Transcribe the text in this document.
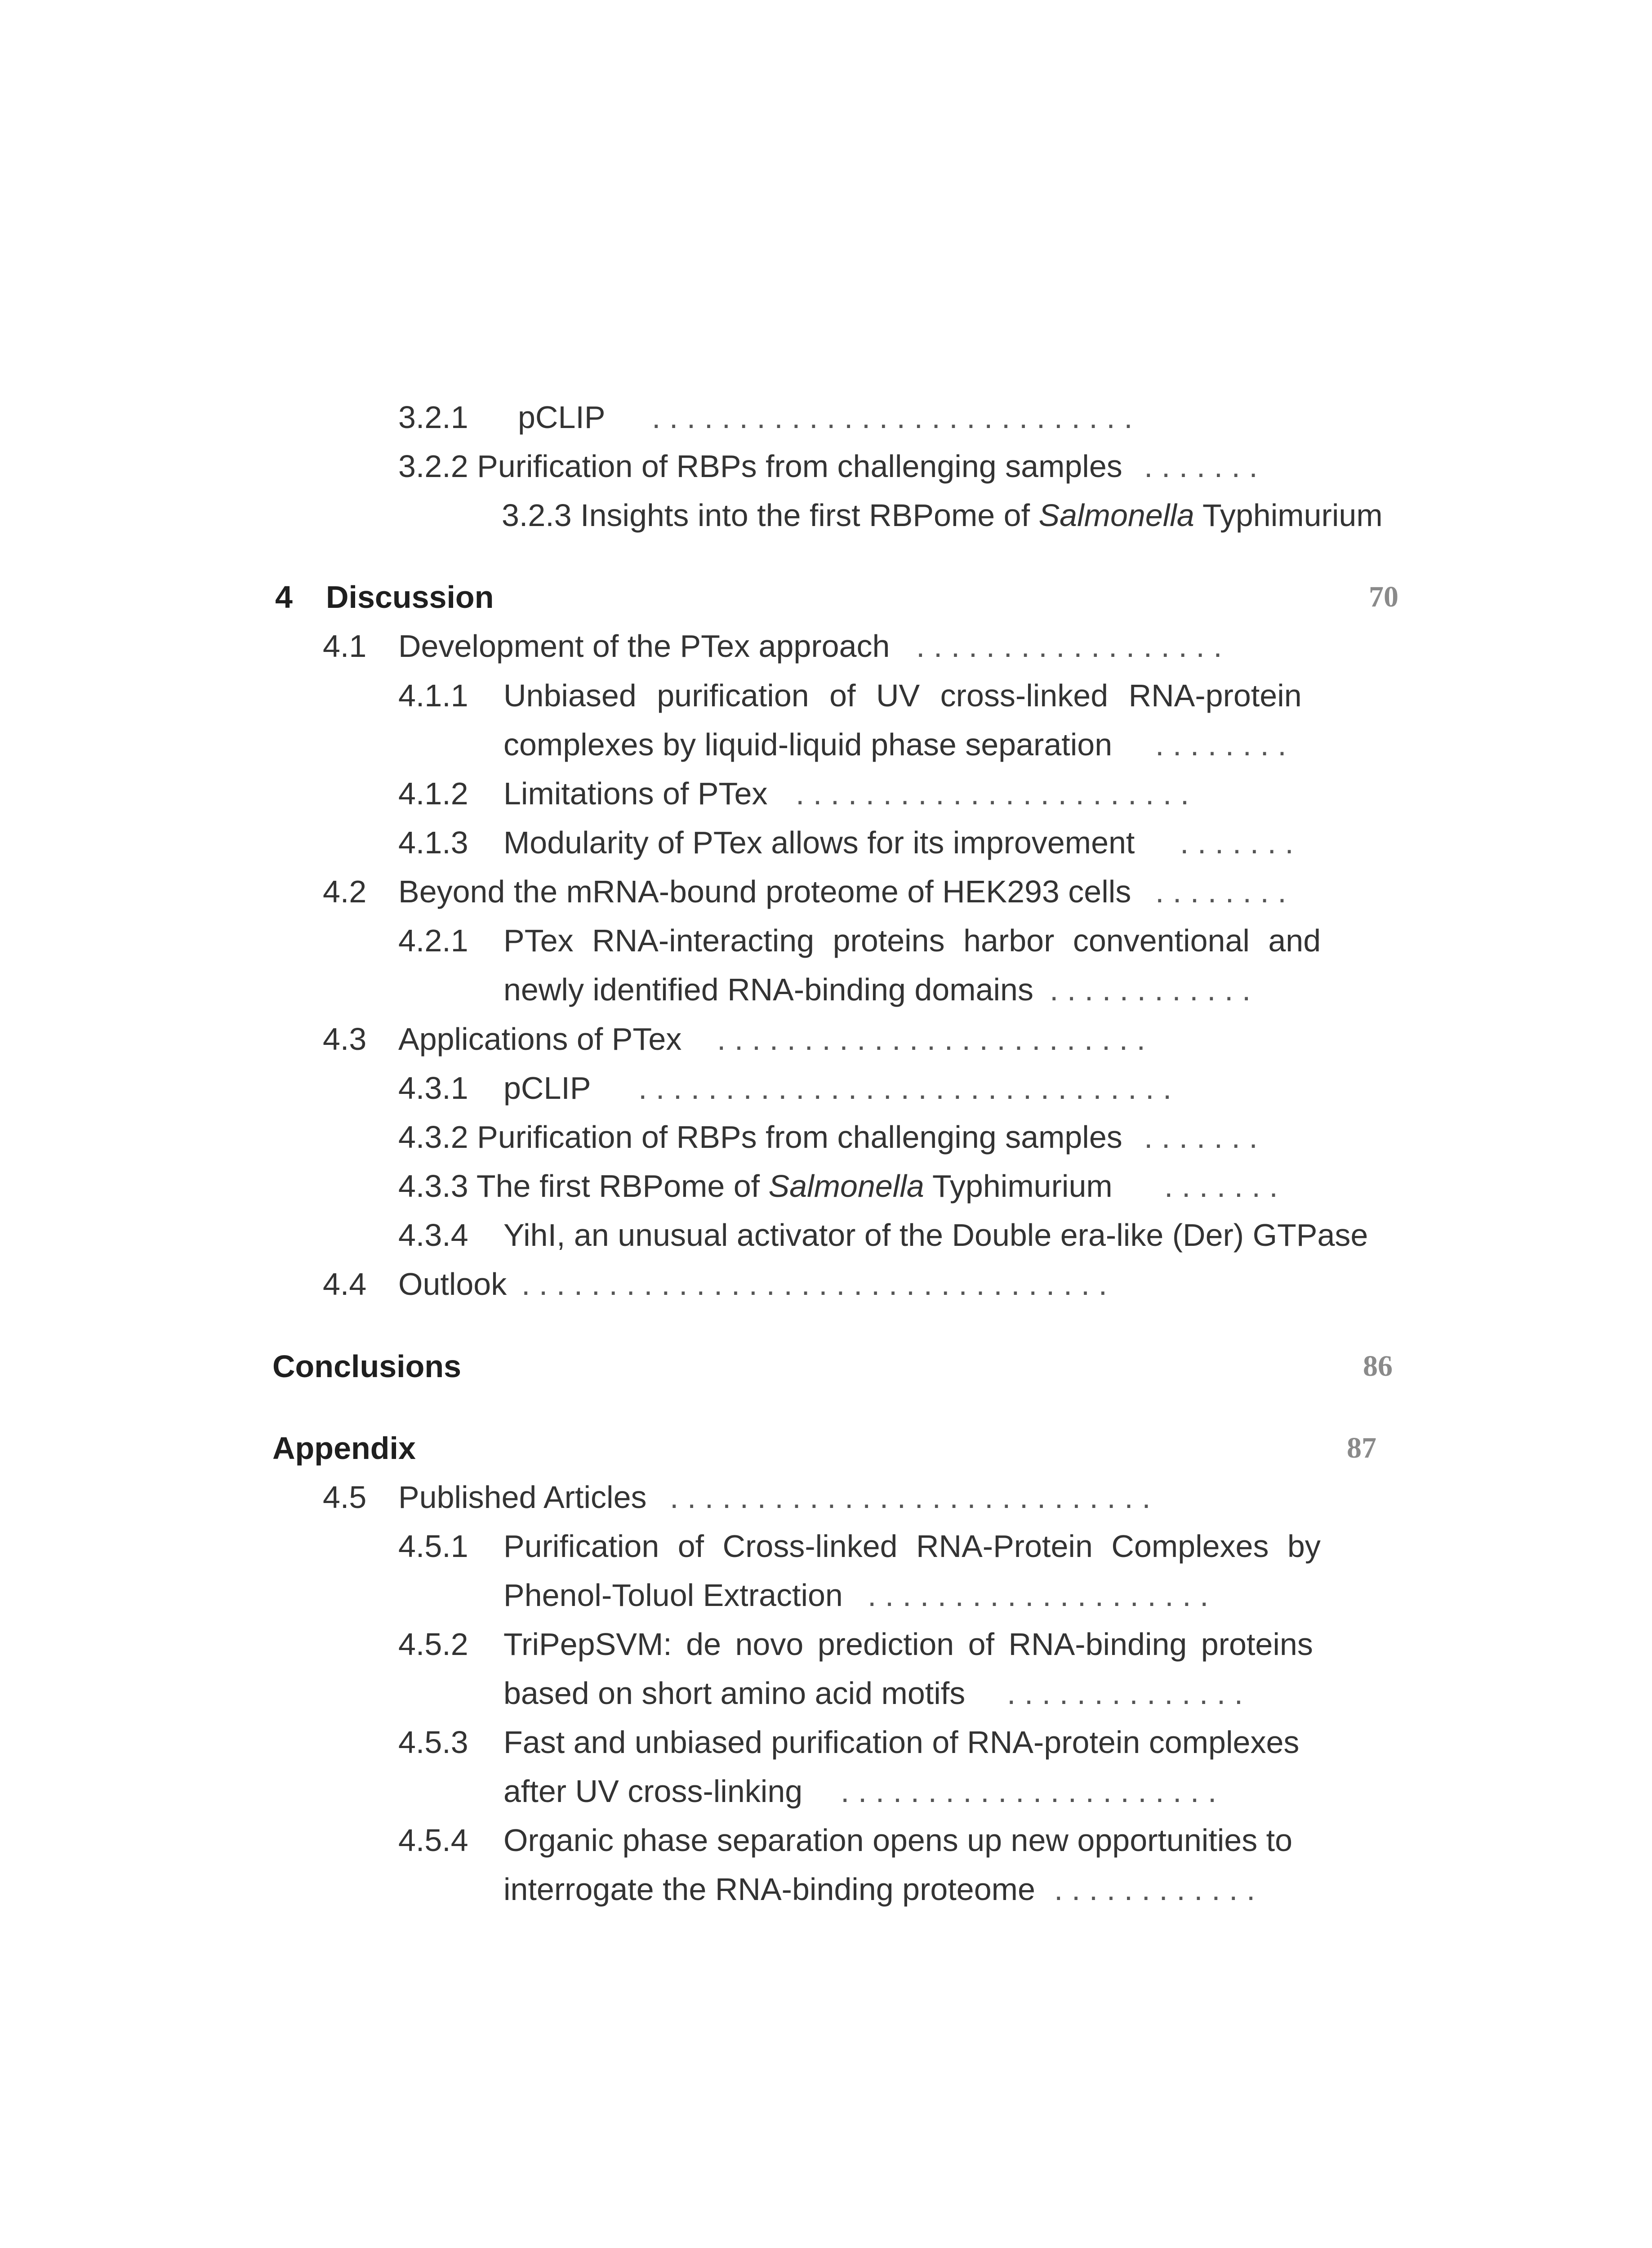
3.2.1 pCLIP . . . . . . . . . . . . . . . . . . . . . . . . . . . .
3.2.2 Purification of RBPs from challenging samples . . . . . . .
3.2.3 Insights into the first RBPome of Salmonella Typhimurium
4 Discussion	70
4.1 Development of the PTex approach . . . . . . . . . . . . . . . . . .
4.1.1 Unbiased purification of UV cross-linked RNA-protein
complexes by liquid-liquid phase separation . . . . . . . .
4.1.2 Limitations of PTex . . . . . . . . . . . . . . . . . . . . . . .
4.1.3 Modularity of PTex allows for its improvement . . . . . . .
4.2 Beyond the mRNA-bound proteome of HEK293 cells . . . . . . . .
4.2.1 PTex RNA-interacting proteins harbor conventional and
newly identified RNA-binding domains . . . . . . . . . . . .
4.3 Applications of PTex . . . . . . . . . . . . . . . . . . . . . . . . .
4.3.1 pCLIP . . . . . . . . . . . . . . . . . . . . . . . . . . . . . . .
4.3.2 Purification of RBPs from challenging samples . . . . . . .
4.3.3 The first RBPome of Salmonella Typhimurium . . . . . . .
4.3.4 YihI, an unusual activator of the Double era-like (Der) GTPase
4.4 Outlook . . . . . . . . . . . . . . . . . . . . . . . . . . . . . . . . . .
Conclusions	86
Appendix	87
4.5 Published Articles . . . . . . . . . . . . . . . . . . . . . . . . . . . .
4.5.1 Purification of Cross-linked RNA-Protein Complexes by
Phenol-Toluol Extraction . . . . . . . . . . . . . . . . . . . .
4.5.2 TriPepSVM: de novo prediction of RNA-binding proteins
based on short amino acid motifs . . . . . . . . . . . . . .
4.5.3 Fast and unbiased purification of RNA-protein complexes
after UV cross-linking . . . . . . . . . . . . . . . . . . . . . .
4.5.4 Organic phase separation opens up new opportunities to
interrogate the RNA-binding proteome . . . . . . . . . . . .
